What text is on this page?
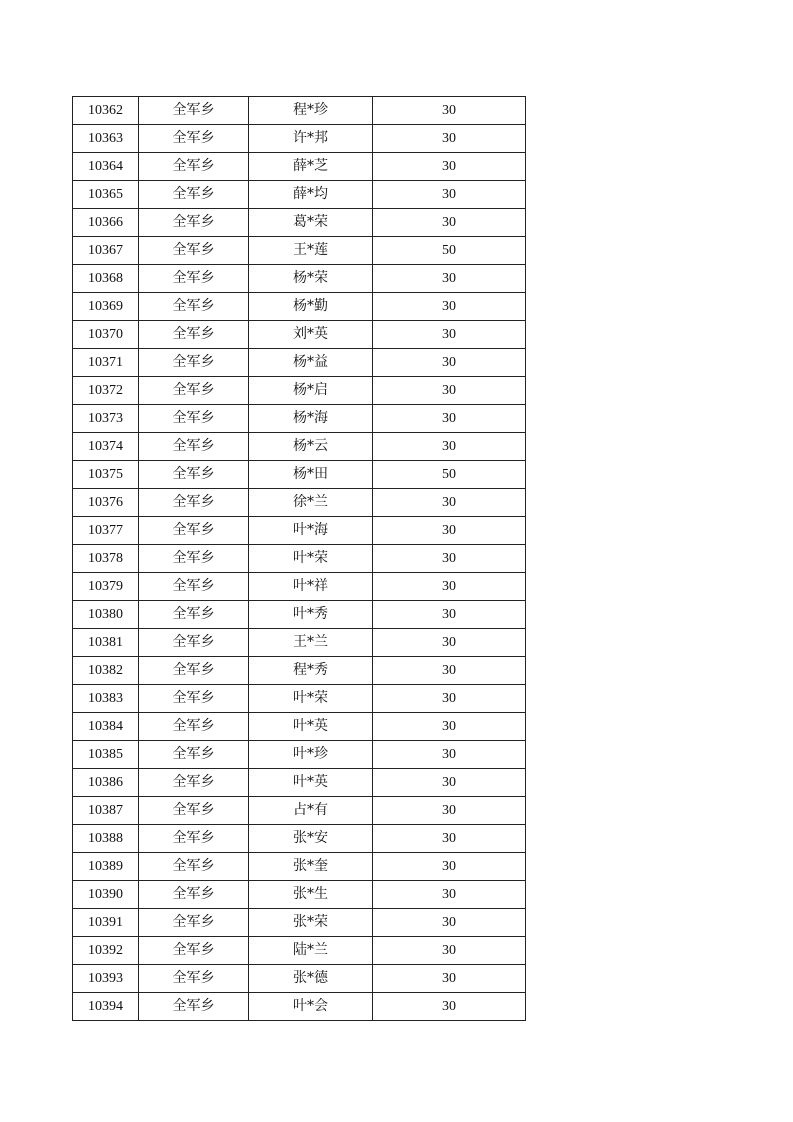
10362	全军乡	程*珍	30
10363	全军乡	许*邦	30
10364	全军乡	薛*芝	30
10365	全军乡	薛*均	30
10366	全军乡	葛*荣	30
10367	全军乡	王*莲	50
10368	全军乡	杨*荣	30
10369	全军乡	杨*勤	30
10370	全军乡	刘*英	30
10371	全军乡	杨*益	30
10372	全军乡	杨*启	30
10373	全军乡	杨*海	30
10374	全军乡	杨*云	30
10375	全军乡	杨*田	50
10376	全军乡	徐*兰	30
10377	全军乡	叶*海	30
10378	全军乡	叶*荣	30
10379	全军乡	叶*祥	30
10380	全军乡	叶*秀	30
10381	全军乡	王*兰	30
10382	全军乡	程*秀	30
10383	全军乡	叶*荣	30
10384	全军乡	叶*英	30
10385	全军乡	叶*珍	30
10386	全军乡	叶*英	30
10387	全军乡	占*有	30
10388	全军乡	张*安	30
10389	全军乡	张*奎	30
10390	全军乡	张*生	30
10391	全军乡	张*荣	30
10392	全军乡	陆*兰	30
10393	全军乡	张*德	30
10394	全军乡	叶*会	30
